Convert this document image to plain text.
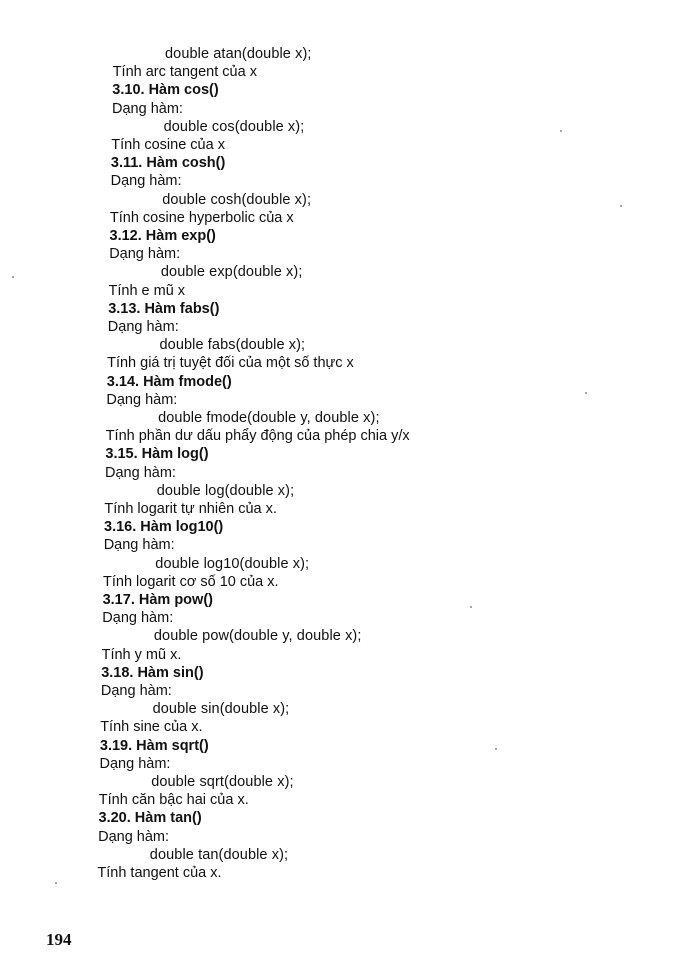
double atan(double x);
Tính arc tangent của x
3.10. Hàm cos()
Dạng hàm:
double cos(double x);
Tính cosine của x
3.11. Hàm cosh()
Dạng hàm:
double cosh(double x);
Tính cosine hyperbolic của x
3.12. Hàm exp()
Dạng hàm:
double exp(double x);
Tính e mũ x
3.13. Hàm fabs()
Dạng hàm:
double fabs(double x);
Tính giá trị tuyệt đối của một số thực x
3.14. Hàm fmode()
Dạng hàm:
double fmode(double y, double x);
Tính phần dư dấu phẩy động của phép chia y/x
3.15. Hàm log()
Dạng hàm:
double log(double x);
Tính logarit tự nhiên của x.
3.16. Hàm log10()
Dạng hàm:
double log10(double x);
Tính logarit cơ số 10 của x.
3.17. Hàm pow()
Dạng hàm:
double pow(double y, double x);
Tính y mũ x.
3.18. Hàm sin()
Dạng hàm:
double sin(double x);
Tính sine của x.
3.19. Hàm sqrt()
Dạng hàm:
double sqrt(double x);
Tính căn bậc hai của x.
3.20. Hàm tan()
Dạng hàm:
double tan(double x);
Tính tangent của x.
194
